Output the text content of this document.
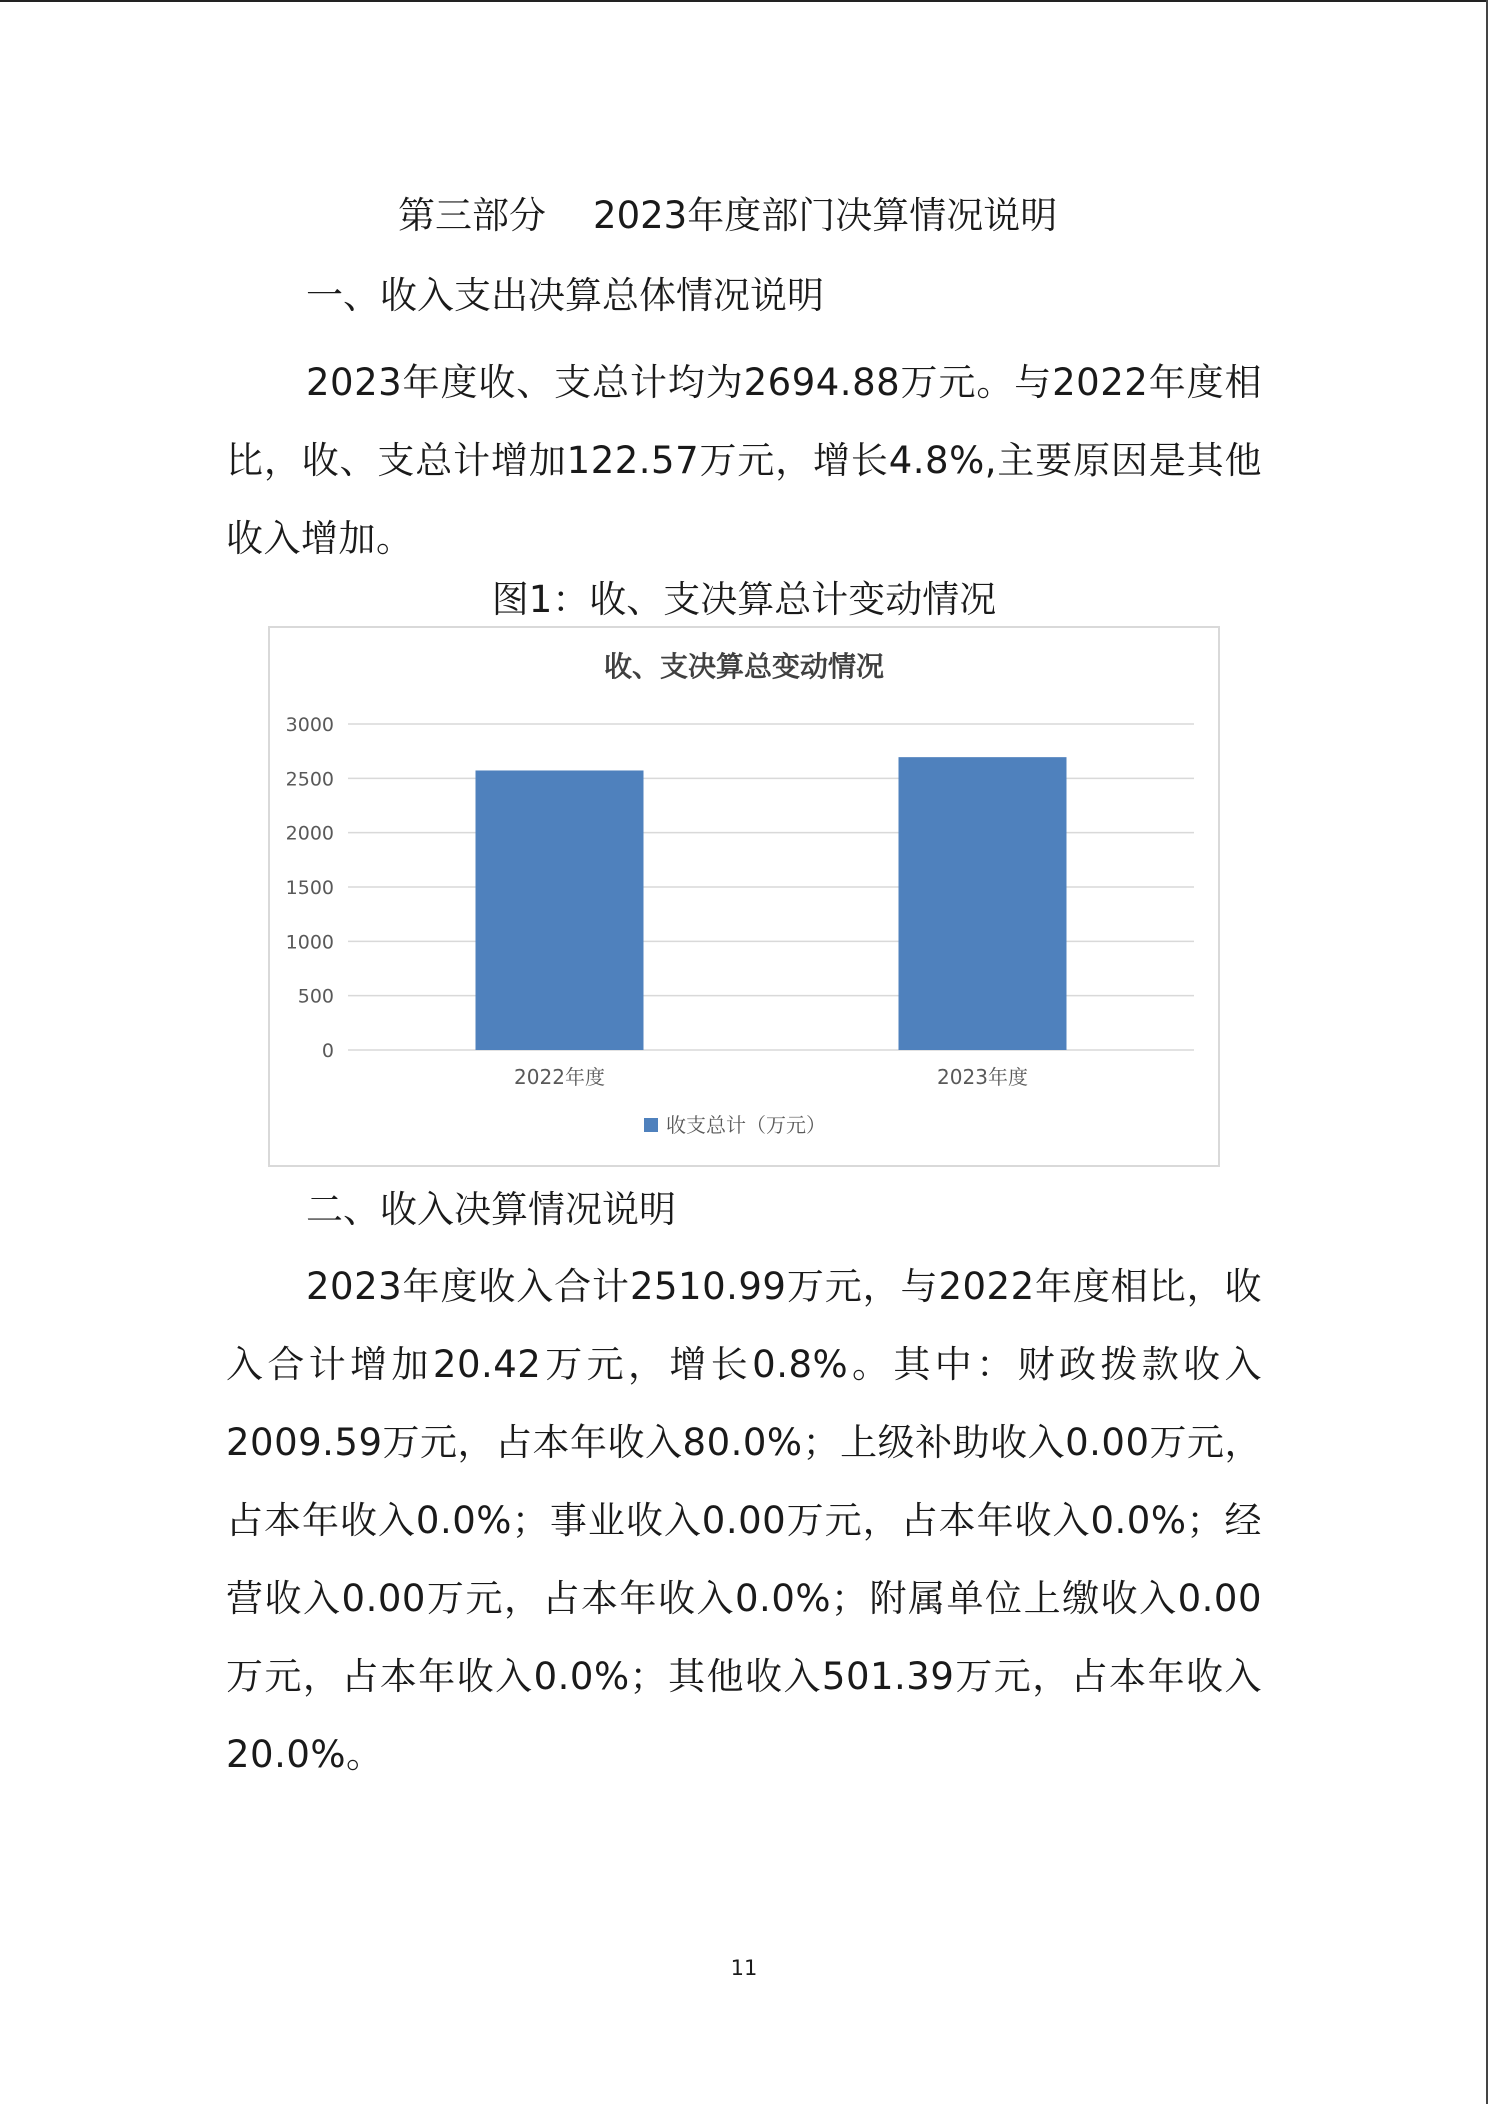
第三部分    2023年度部门决算情况说明
一、收入支出决算总体情况说明

2023年度收、支总计均为2694.88万元。与2022年度相比，收、支总计增加122.57万元，增长4.8%,主要原因是其他收入增加。

图1：收、支决算总计变动情况
收、支决算总变动情况
0
500
1000
1500
2000
2500
3000
2022年度	2023年度
收支总计（万元）
二、收入决算情况说明

2023年度收入合计2510.99万元，与2022年度相比，收入合计增加20.42万元，增长0.8%。其中：财政拨款收入2009.59万元，占本年收入80.0%；上级补助收入0.00万元，占本年收入0.0%；事业收入0.00万元，占本年收入0.0%；经营收入0.00万元，占本年收入0.0%；附属单位上缴收入0.00万元，占本年收入0.0%；其他收入501.39万元，占本年收入20.0%。

11
